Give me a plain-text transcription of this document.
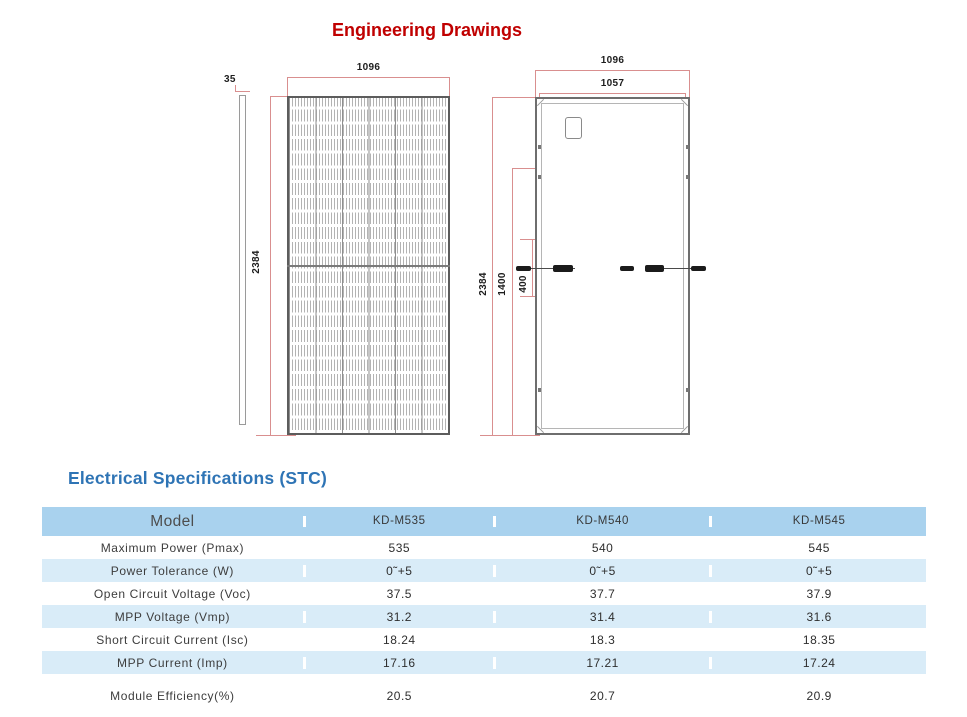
Engineering Drawings
35
1096
2384
1096
1057
2384 1400 400
Electrical Specifications (STC)
Model	KD-M535	KD-M540	KD-M545
Maximum Power (Pmax)	535	540	545
Power Tolerance (W)	0˜+5	0˜+5	0˜+5
Open Circuit Voltage (Voc)	37.5	37.7	37.9
MPP Voltage (Vmp)	31.2	31.4	31.6
Short Circuit Current (Isc)	18.24	18.3	18.35
MPP Current (Imp)	17.16	17.21	17.24
Module Efficiency(%)	20.5	20.7	20.9
